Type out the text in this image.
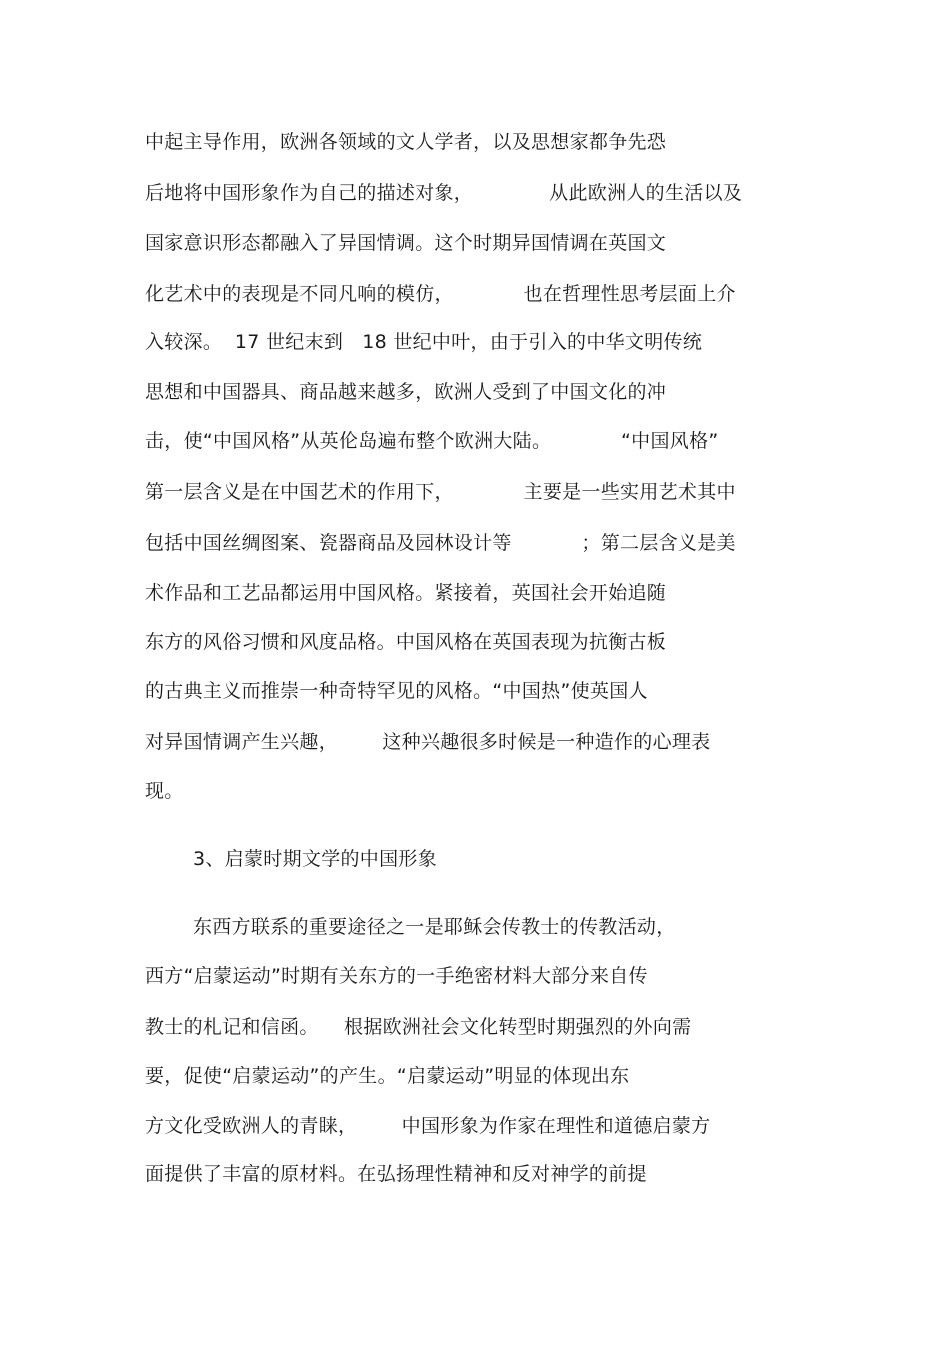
中起主导作用，欧洲各领域的文人学者，以及思想家都争先恐
后地将中国形象作为自己的描述对象，            从此欧洲人的生活以及
国家意识形态都融入了异国情调。这个时期异国情调在英国文
化艺术中的表现是不同凡响的模仿，           也在哲理性思考层面上介
入较深。  17 世纪末到   18 世纪中叶，由于引入的中华文明传统
思想和中国器具、商品越来越多，欧洲人受到了中国文化的冲
击，使“中国风格”从英伦岛遍布整个欧洲大陆。           “中国风格”
第一层含义是在中国艺术的作用下，           主要是一些实用艺术其中
包括中国丝绸图案、瓷器商品及园林设计等           ；第二层含义是美
术作品和工艺品都运用中国风格。紧接着，英国社会开始追随
东方的风俗习惯和风度品格。中国风格在英国表现为抗衡古板
的古典主义而推崇一种奇特罕见的风格。“中国热”使英国人
对异国情调产生兴趣，       这种兴趣很多时候是一种造作的心理表
现。
3、启蒙时期文学的中国形象
东西方联系的重要途径之一是耶稣会传教士的传教活动，
西方“启蒙运动”时期有关东方的一手绝密材料大部分来自传
教士的札记和信函。    根据欧洲社会文化转型时期强烈的外向需
要，促使“启蒙运动”的产生。“启蒙运动”明显的体现出东
方文化受欧洲人的青睐，       中国形象为作家在理性和道德启蒙方
面提供了丰富的原材料。在弘扬理性精神和反对神学的前提
